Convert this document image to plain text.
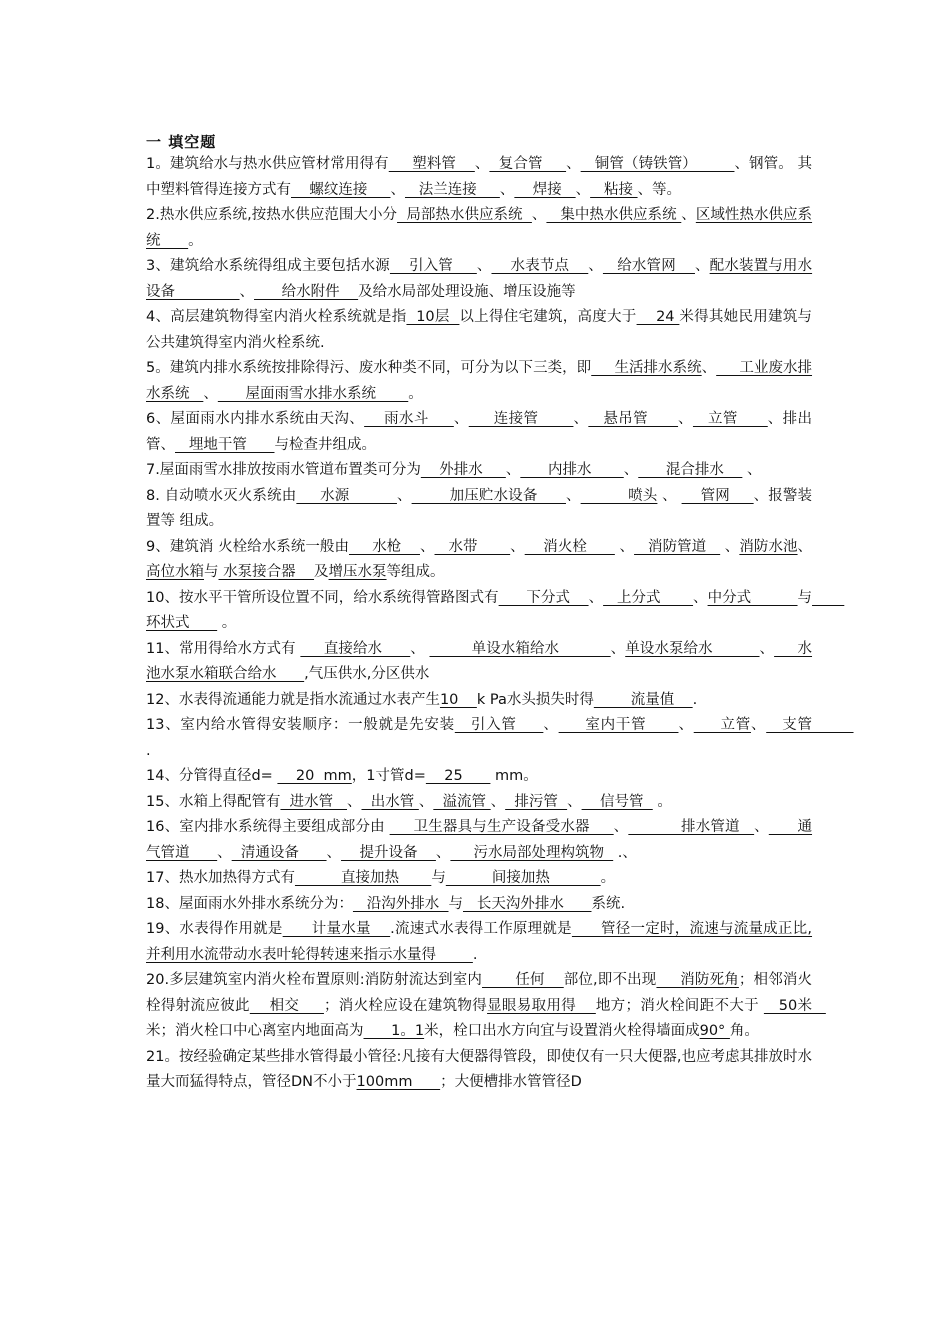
一 填空题

1。建筑给水与热水供应管材常用得有     塑料管    、  复合管     、   铜管（铸铁管）        、钢管。 其中塑料管得连接方式有    螺纹连接     、   法兰连接     、    焊接   、   粘接 、等。

2.热水供应系统,按热水供应范围大小分  局部热水供应系统  、   集中热水供应系统 、区域性热水供应系统      。

3、建筑给水系统得组成主要包括水源    引入管     、    水表节点    、   给水管网    、配水装置与用水设备              、      给水附件    及给水局部处理设施、增压设施等

4、高层建筑物得室内消火栓系统就是指  10层  以上得住宅建筑，高度大于    24 米得其她民用建筑与公共建筑得室内消火栓系统.

5。建筑内排水系统按排除得污、废水种类不同，可分为以下三类，即     生活排水系统、     工业废水排水系统   、      屋面雨雪水排水系统       。

6、屋面雨水内排水系统由天沟、    雨水斗     、     连接管       、   悬吊管      、   立管      、排出管、   埋地干管      与检查井组成。

7.屋面雨雪水排放按雨水管道布置类可分为    外排水     、      内排水       、      混合排水     、

8. 自动喷水灭火系统由     水源          、        加压贮水设备      、          喷头 、     管网     、报警装置等 组成。

9、建筑消 火栓给水系统一般由     水枪    、   水带       、    消火栓       、   消防管道    、消防水池、高位水箱与 水泵接合器    及增压水泵等组成。

10、按水平干管所设位置不同，给水系统得管路图式有      下分式    、   上分式       、中分式          与       环状式       。

11、常用得给水方式有      直接给水      、          单设水箱给水           、单设水泵给水          、     水池水泵水箱联合给水      ,气压供水,分区供水

12、水表得流通能力就是指水流通过水表产生10    k Pa水头损失时得        流量值    .

13、室内给水管得安装顺序：一般就是先安装   引入管     、     室内干管      、     立管、   支管         .

14、分管得直径d=     20  mm，1寸管d=    25       mm。

15、水箱上得配管有  进水管   、  出水管 、  溢流管 、  排污管  、    信号管   。

16、室内排水系统得主要组成部分由      卫生器具与生产设备受水器     、           排水管道   、      通气管道      、  清通设备      、    提升设备    、     污水局部处理构筑物   .、

17、热水加热得方式有          直接加热       与          间接加热           。

18、屋面雨水外排水系统分为：   沿沟外排水  与   长天沟外排水      系统.

19、水表得作用就是      计量水量    .流速式水表得工作原理就是      管径一定时，流速与流量成正比,并利用水流带动水表叶轮得转速来指示水量得        .

20.多层建筑室内消火栓布置原则:消防射流达到室内       任何    部位,即不出现     消防死角；相邻消火栓得射流应彼此    相交     ；消火栓应设在建筑物得显眼易取用得    地方；消火栓间距不大于    50米   米；消火栓口中心离室内地面高为      1。1米，栓口出水方向宜与设置消火栓得墙面成90° 角。

21。按经验确定某些排水管得最小管径:凡接有大便器得管段，即使仅有一只大便器,也应考虑其排放时水量大而猛得特点，管径DN不小于100mm      ；大便槽排水管管径D
